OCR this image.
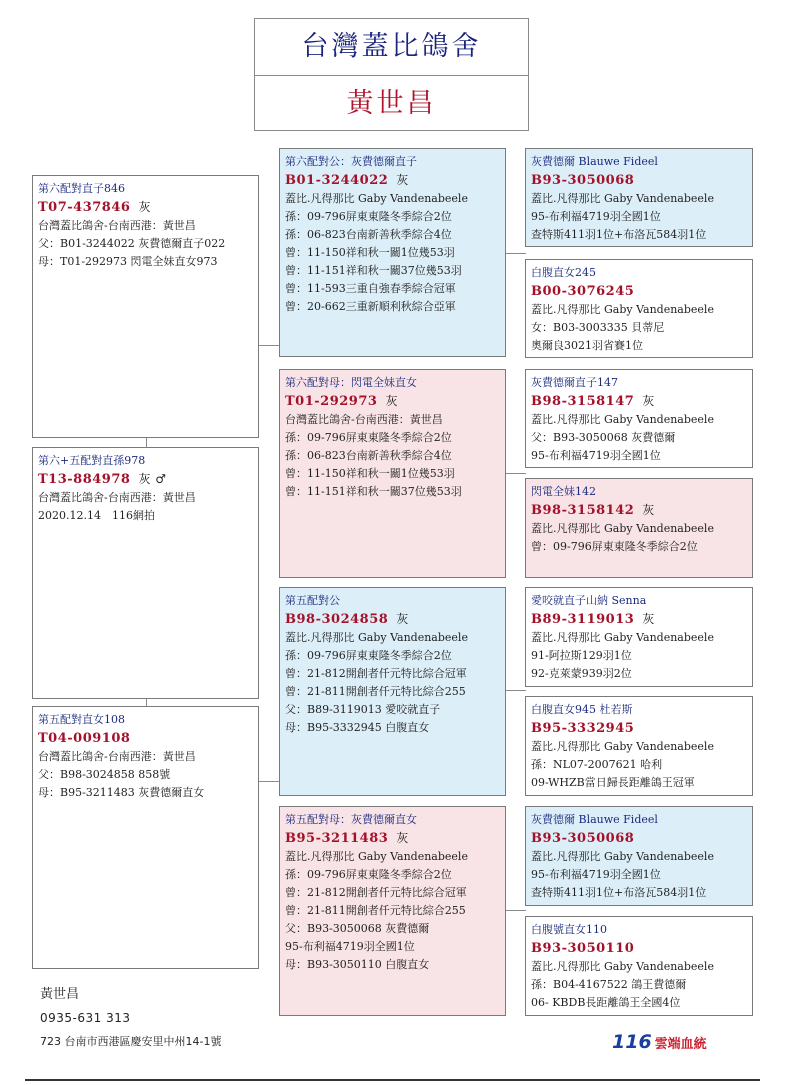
台灣蓋比鴿舍
黃世昌
第六配對直子846
T07-437846 灰
台灣蓋比鴿舍-台南西港：黃世昌
父：B01-3244022 灰費德爾直子022
母：T01-292973 閃電全妹直女973
第六+五配對直孫978
T13-884978 灰 ♂
台灣蓋比鴿舍-台南西港：黃世昌
2020.12.14　116網拍
第五配對直女108
T04-009108
台灣蓋比鴿舍-台南西港：黃世昌
父：B98-3024858 858號
母：B95-3211483 灰費德爾直女
第六配對公：灰費德爾直子
B01-3244022 灰
蓋比.凡得那比 Gaby Vandenabeele
孫：09-796屏東東隆冬季綜合2位
孫：06-823台南新善秋季綜合4位
曾：11-150祥和秋一關1位幾53羽
曾：11-151祥和秋一關37位幾53羽
曾：11-593三重自強春季綜合冠軍
曾：20-662三重新順利秋綜合亞軍
第六配對母：閃電全妹直女
T01-292973 灰
台灣蓋比鴿舍-台南西港：黃世昌
孫：09-796屏東東隆冬季綜合2位
孫：06-823台南新善秋季綜合4位
曾：11-150祥和秋一關1位幾53羽
曾：11-151祥和秋一關37位幾53羽
第五配對公
B98-3024858 灰
蓋比.凡得那比 Gaby Vandenabeele
孫：09-796屏東東隆冬季綜合2位
曾：21-812開創者仟元特比綜合冠軍
曾：21-811開創者仟元特比綜合255
父：B89-3119013 愛咬就直子
母：B95-3332945 白腹直女
第五配對母：灰費德爾直女
B95-3211483 灰
蓋比.凡得那比 Gaby Vandenabeele
孫：09-796屏東東隆冬季綜合2位
曾：21-812開創者仟元特比綜合冠軍
曾：21-811開創者仟元特比綜合255
父：B93-3050068 灰費德爾
95-布利福4719羽全國1位
母：B93-3050110 白腹直女
灰費德爾 Blauwe Fideel
B93-3050068
蓋比.凡得那比 Gaby Vandenabeele
95-布利福4719羽全國1位
查特斯411羽1位+布洛瓦584羽1位
白腹直女245
B00-3076245
蓋比.凡得那比 Gaby Vandenabeele
女：B03-3003335 貝蒂尼
奧爾良3021羽省賽1位
灰費德爾直子147
B98-3158147 灰
蓋比.凡得那比 Gaby Vandenabeele
父：B93-3050068 灰費德爾
95-布利福4719羽全國1位
閃電全妹142
B98-3158142 灰
蓋比.凡得那比 Gaby Vandenabeele
曾：09-796屏東東隆冬季綜合2位
愛咬就直子山納 Senna
B89-3119013 灰
蓋比.凡得那比 Gaby Vandenabeele
91-阿拉斯129羽1位
92-克萊蒙939羽2位
白腹直女945 杜若斯
B95-3332945
蓋比.凡得那比 Gaby Vandenabeele
孫：NL07-2007621 哈利
09-WHZB當日歸長距離鴿王冠軍
灰費德爾 Blauwe Fideel
B93-3050068
蓋比.凡得那比 Gaby Vandenabeele
95-布利福4719羽全國1位
查特斯411羽1位+布洛瓦584羽1位
白腹號直女110
B93-3050110
蓋比.凡得那比 Gaby Vandenabeele
孫：B04-4167522 鴿王費德爾
06- KBDB長距離鴿王全國4位
黃世昌
0935-631 313
723 台南市西港區慶安里中州14-1號	116 雲端血統
